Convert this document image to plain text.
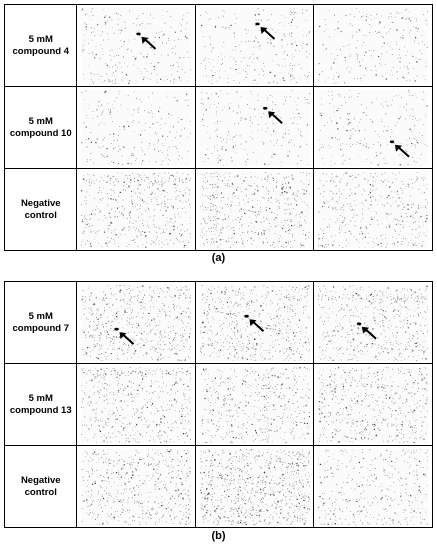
5 mM
compound 4

5 mM
compound 10

Negative
control

(a)
5 mM
compound 7

5 mM
compound 13

Negative
control

(b)
